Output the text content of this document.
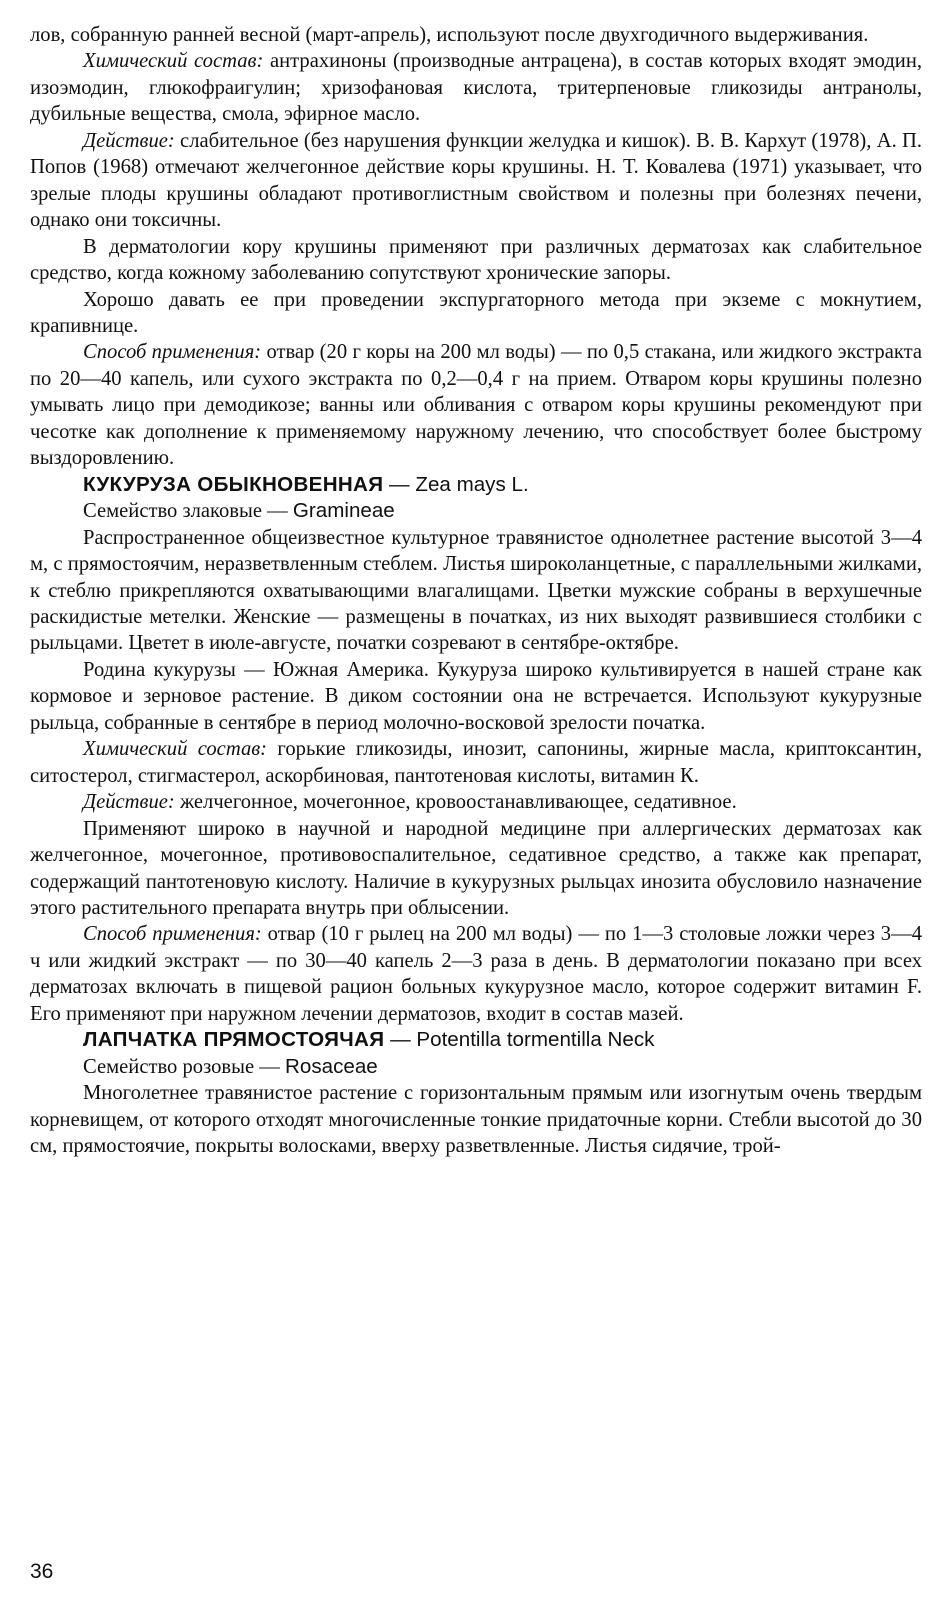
лов, собранную ранней весной (март-апрель), используют после двухгодичного выдерживания.

Химический состав: антрахиноны (производные антрацена), в состав которых входят эмодин, изоэмодин, глюкофраигулин; хризофановая кислота, тритерпеновые гликозиды антранолы, дубильные вещества, смола, эфирное масло.

Действие: слабительное (без нарушения функции желудка и кишок). В. В. Кархут (1978), А. П. Попов (1968) отмечают желчегонное действие коры крушины. Н. Т. Ковалева (1971) указывает, что зрелые плоды крушины обладают противоглистным свойством и полезны при болезнях печени, однако они токсичны.

В дерматологии кору крушины применяют при различных дерматозах как слабительное средство, когда кожному заболеванию сопутствуют хронические запоры.

Хорошо давать ее при проведении экспургаторного метода при экземе с мокнутием, крапивнице.

Способ применения: отвар (20 г коры на 200 мл воды) — по 0,5 стакана, или жидкого экстракта по 20—40 капель, или сухого экстракта по 0,2—0,4 г на прием. Отваром коры крушины полезно умывать лицо при демодикозе; ванны или обливания с отваром коры крушины рекомендуют при чесотке как дополнение к применяемому наружному лечению, что способствует более быстрому выздоровлению.

КУКУРУЗА ОБЫКНОВЕННАЯ — Zea mays L.

Семейство злаковые — Gramineae

Распространенное общеизвестное культурное травянистое однолетнее растение высотой 3—4 м, с прямостоячим, неразветвленным стеблем. Листья широколанцетные, с параллельными жилками, к стеблю прикрепляются охватывающими влагалищами. Цветки мужские собраны в верхушечные раскидистые метелки. Женские — размещены в початках, из них выходят развившиеся столбики с рыльцами. Цветет в июле-августе, початки созревают в сентябре-октябре.

Родина кукурузы — Южная Америка. Кукуруза широко культивируется в нашей стране как кормовое и зерновое растение. В диком состоянии она не встречается. Используют кукурузные рыльца, собранные в сентябре в период молочно-восковой зрелости початка.

Химический состав: горькие гликозиды, инозит, сапонины, жирные масла, криптоксантин, ситостерол, стигмастерол, аскорбиновая, пантотеновая кислоты, витамин К.

Действие: желчегонное, мочегонное, кровоостанавливающее, седативное.

Применяют широко в научной и народной медицине при аллергических дерматозах как желчегонное, мочегонное, противовоспалительное, седативное средство, а также как препарат, содержащий пантотеновую кислоту. Наличие в кукурузных рыльцах инозита обусловило назначение этого растительного препарата внутрь при облысении.

Способ применения: отвар (10 г рылец на 200 мл воды) — по 1—3 столовые ложки через 3—4 ч или жидкий экстракт — по 30—40 капель 2—3 раза в день. В дерматологии показано при всех дерматозах включать в пищевой рацион больных кукурузное масло, которое содержит витамин F. Его применяют при наружном лечении дерматозов, входит в состав мазей.

ЛАПЧАТКА ПРЯМОСТОЯЧАЯ — Potentilla tormentilla Neck

Семейство розовые — Rosaceae

Многолетнее травянистое растение с горизонтальным прямым или изогнутым очень твердым корневищем, от которого отходят многочисленные тонкие придаточные корни. Стебли высотой до 30 см, прямостоячие, покрыты волосками, вверху разветвленные. Листья сидячие, трой-

36
